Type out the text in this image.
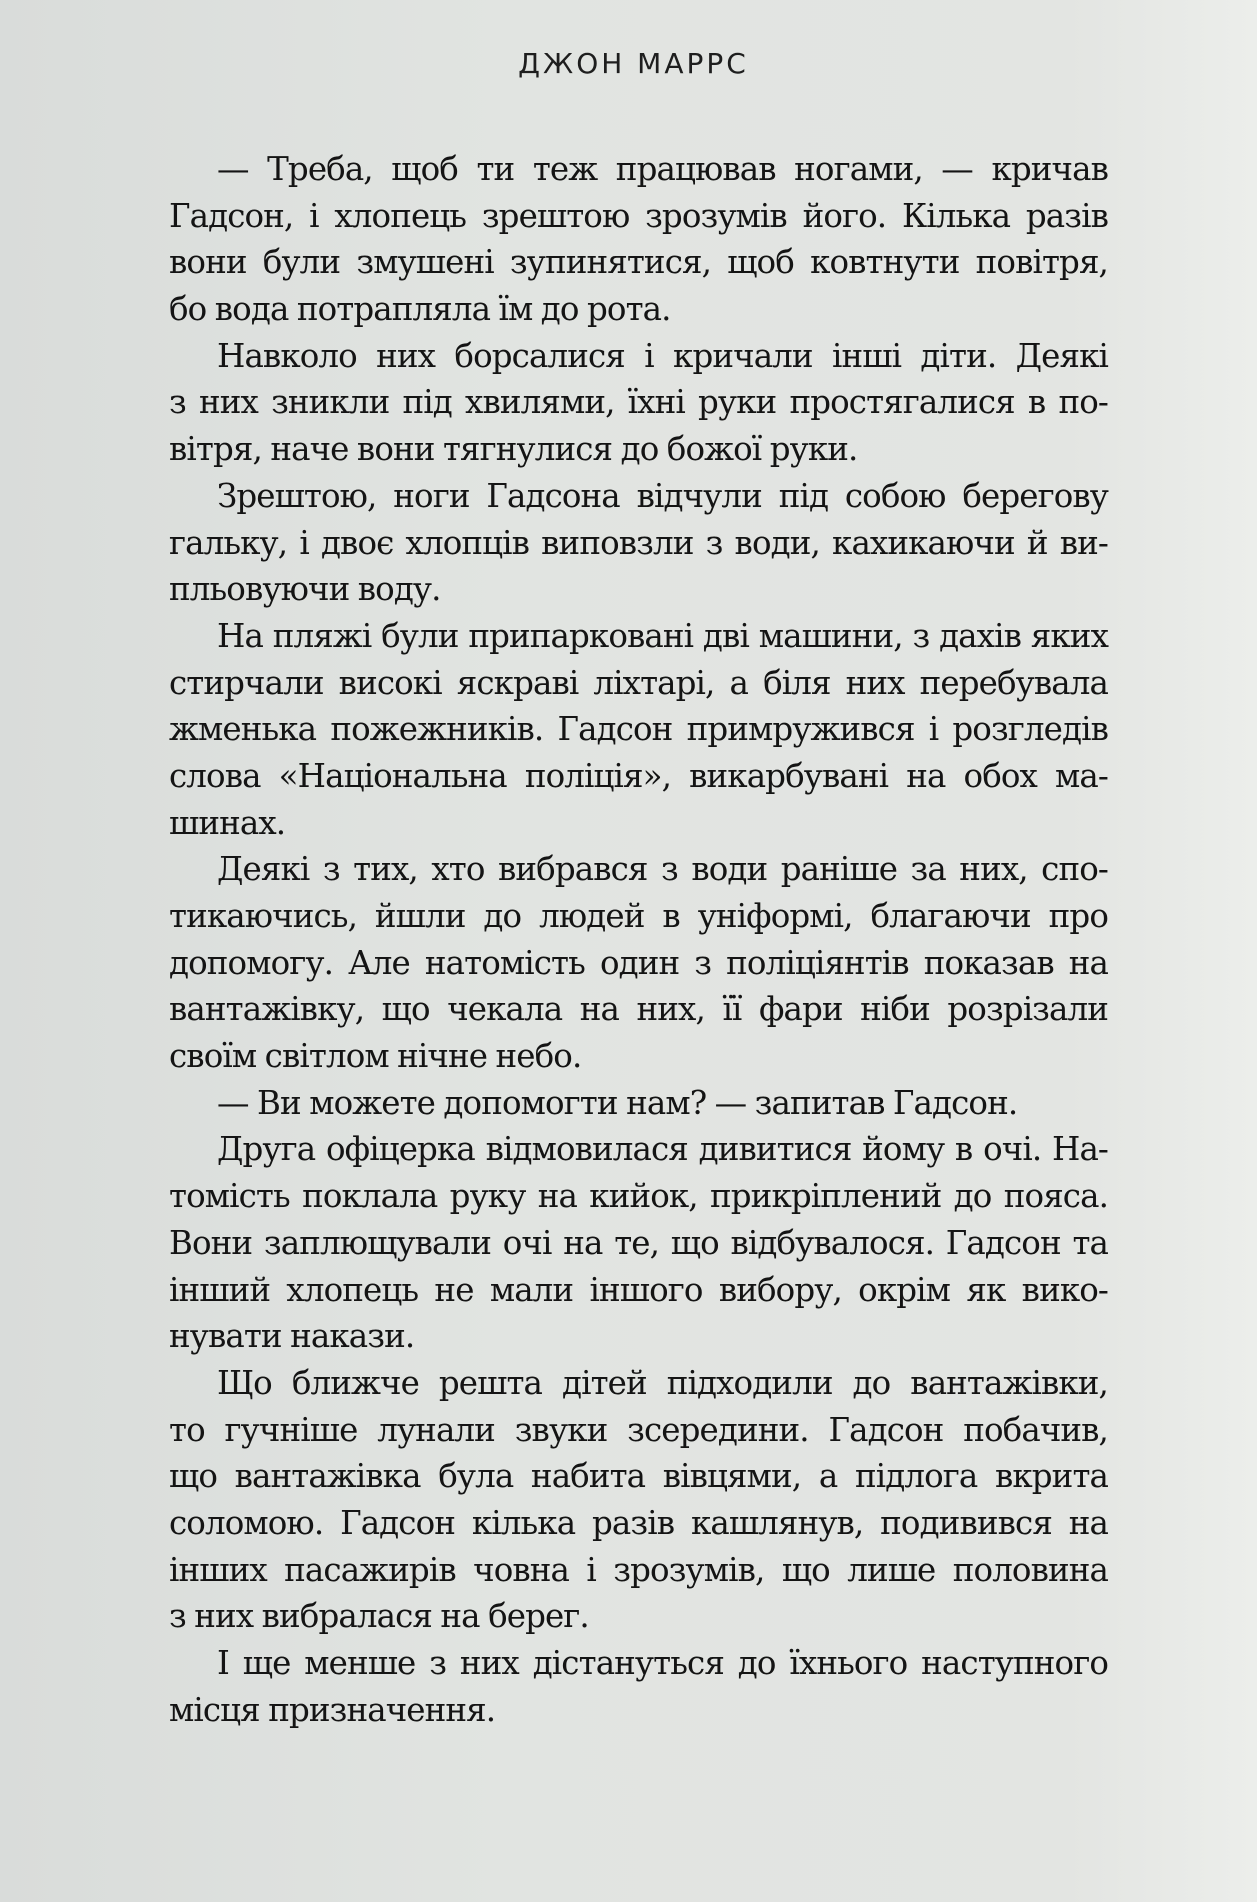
ДЖОН МАРРС
— Треба, щоб ти теж працював ногами, — кричав
Гадсон, і хлопець зрештою зрозумів його. Кілька разів
вони були змушені зупинятися, щоб ковтнути повітря,
бо вода потрапляла їм до рота.
Навколо них борсалися і кричали інші діти. Деякі
з них зникли під хвилями, їхні руки простягалися в по-
вітря, наче вони тягнулися до божої руки.
Зрештою, ноги Гадсона відчули під собою берегову
гальку, і двоє хлопців виповзли з води, кахикаючи й ви-
пльовуючи воду.
На пляжі були припарковані дві машини, з дахів яких
стирчали високі яскраві ліхтарі, а біля них перебувала
жменька пожежників. Гадсон примружився і розгледів
слова «Національна поліція», викарбувані на обох ма-
шинах.
Деякі з тих, хто вибрався з води раніше за них, спо-
тикаючись, йшли до людей в уніформі, благаючи про
допомогу. Але натомість один з поліціянтів показав на
вантажівку, що чекала на них, її фари ніби розрізали
своїм світлом нічне небо.
— Ви можете допомогти нам? — запитав Гадсон.
Друга офіцерка відмовилася дивитися йому в очі. На-
томість поклала руку на кийок, прикріплений до пояса.
Вони заплющували очі на те, що відбувалося. Гадсон та
інший хлопець не мали іншого вибору, окрім як вико-
нувати накази.
Що ближче решта дітей підходили до вантажівки,
то гучніше лунали звуки зсередини. Гадсон побачив,
що вантажівка була набита вівцями, а підлога вкрита
соломою. Гадсон кілька разів кашлянув, подивився на
інших пасажирів човна і зрозумів, що лише половина
з них вибралася на берег.
І ще менше з них дістануться до їхнього наступного
місця призначення.
